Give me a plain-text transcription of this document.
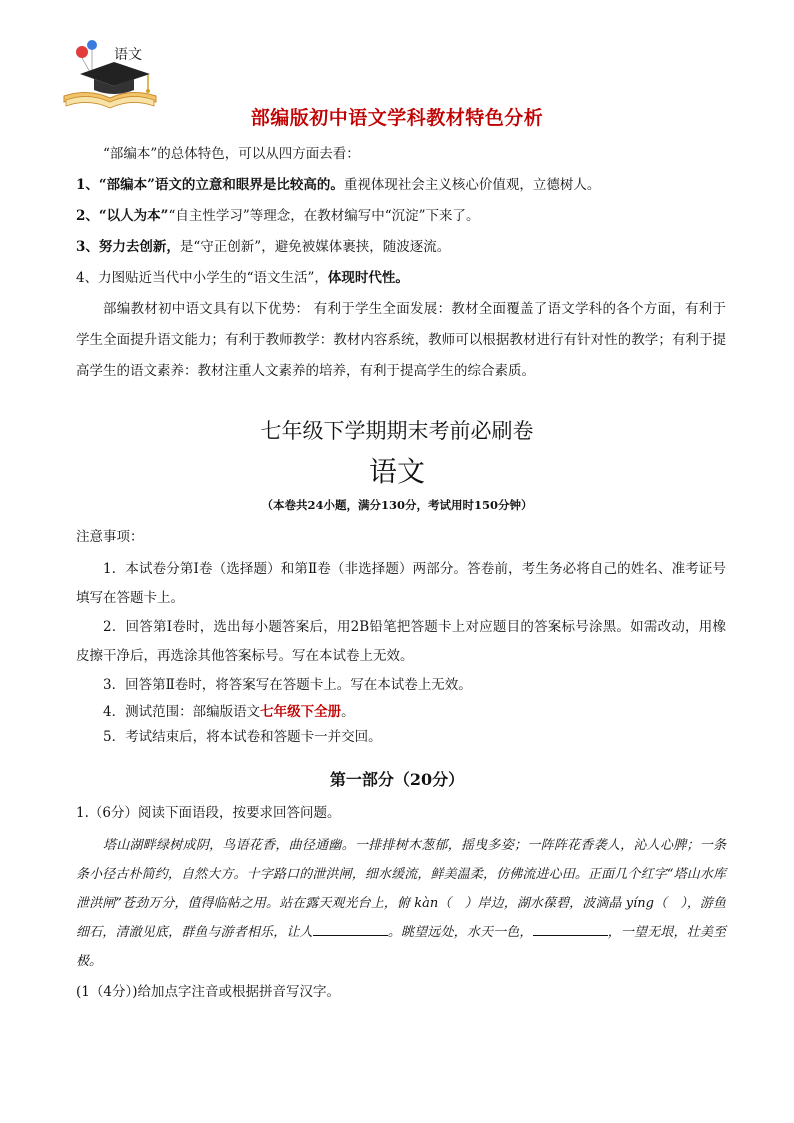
语文
部编版初中语文学科教材特色分析

“部编本”的总体特色，可以从四方面去看：

1、“部编本”语文的立意和眼界是比较高的。重视体现社会主义核心价值观，立德树人。

2、“以人为本”“自主性学习”等理念，在教材编写中“沉淀”下来了。

3、努力去创新，是“守正创新”，避免被媒体裹挟，随波逐流。

4、力图贴近当代中小学生的“语文生活”，体现时代性。

部编教材初中语文具有以下优势： 有利于学生全面发展：教材全面覆盖了语文学科的各个方面，有利于学生全面提升语文能力；有利于教师教学：教材内容系统，教师可以根据教材进行有针对性的教学；有利于提高学生的语文素养：教材注重人文素养的培养，有利于提高学生的综合素质。

七年级下学期期末考前必刷卷
语文
（本卷共24小题，满分130分，考试用时150分钟）

注意事项：

1．本试卷分第Ⅰ卷（选择题）和第Ⅱ卷（非选择题）两部分。答卷前，考生务必将自己的姓名、准考证号填写在答题卡上。

2．回答第Ⅰ卷时，选出每小题答案后，用2B铅笔把答题卡上对应题目的答案标号涂黑。如需改动，用橡皮擦干净后，再选涂其他答案标号。写在本试卷上无效。

3．回答第Ⅱ卷时，将答案写在答题卡上。写在本试卷上无效。

4．测试范围：部编版语文七年级下全册。

5．考试结束后，将本试卷和答题卡一并交回。

第一部分（20分）

1.（6分）阅读下面语段，按要求回答问题。

塔山湖畔绿树成阴，鸟语花香，曲径通幽。一排排树木葱郁，摇曳多姿；一阵阵花香袭人，沁人心脾；一条条小径古朴简约，自然大方。十字路口的泄洪闸，细水缓流，鲜美温柔，仿佛流进心田。正面几个红字“塔山水库泄洪闸”苍劲万分，值得临帖之用。站在露天观光台上，俯 kàn（　）岸边，湖水葆碧，波滴晶 yíng（　），游鱼细石，清澈见底，群鱼与游者相乐，让人	。眺望远处，水天一色，	，一望无垠，壮美至极。

(1（4分）)给加点字注音或根据拼音写汉字。
